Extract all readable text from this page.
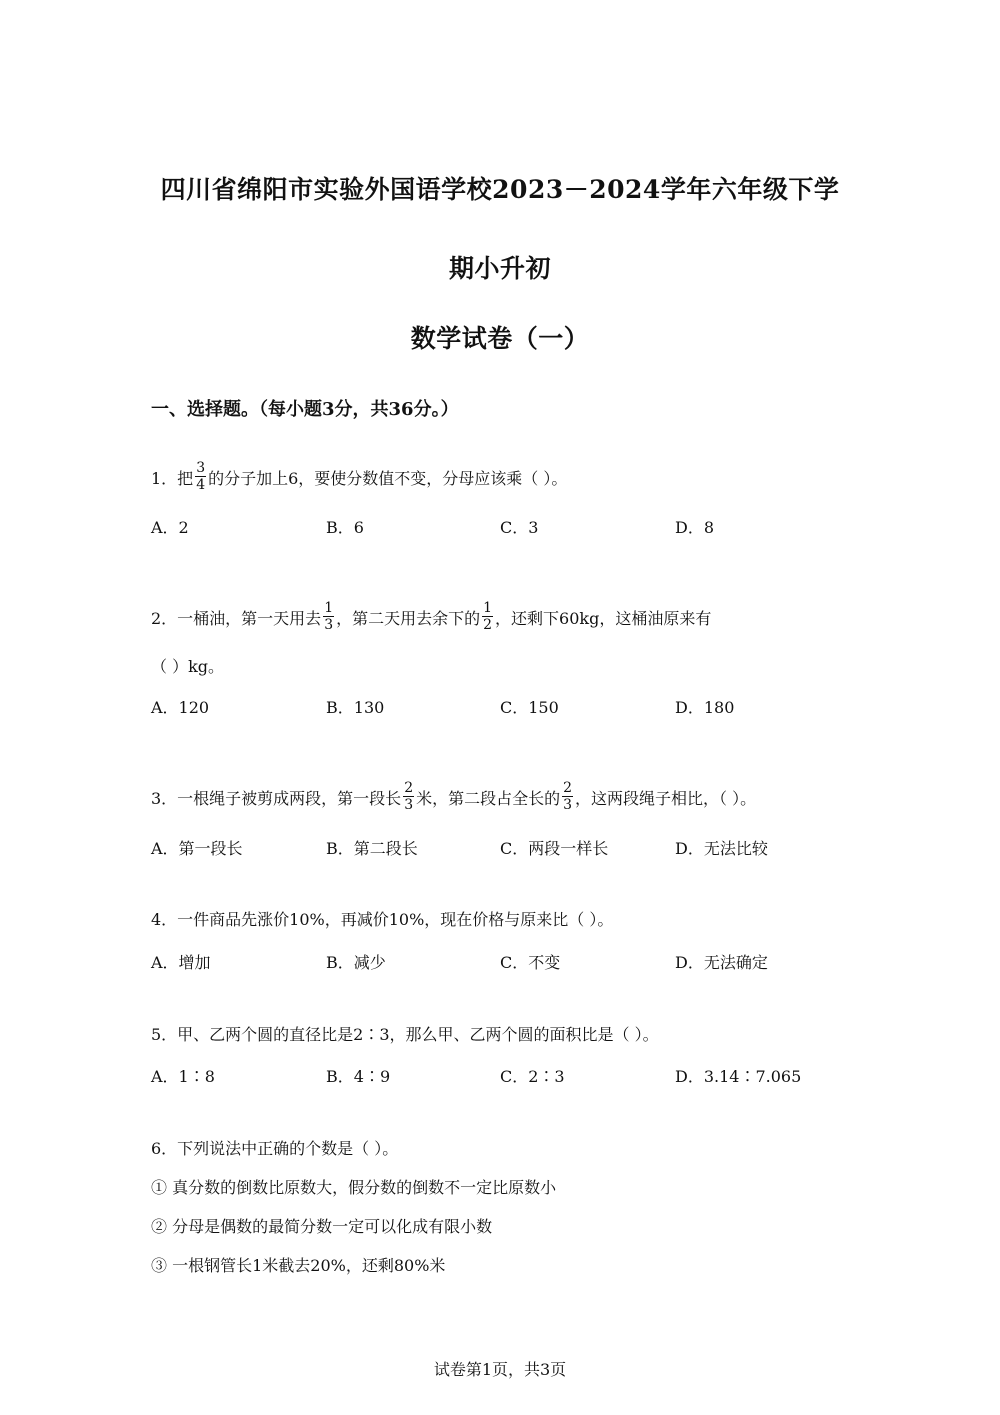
四川省绵阳市实验外国语学校2023－2024学年六年级下学
期小升初
数学试卷（一）
一、选择题。（每小题3分，共36分。）
1．把 $\frac{3}{4}$ 的分子加上6，要使分数值不变，分母应该乘（ ）。
A．2	B．6	C．3	D．8
2．一桶油，第一天用去 $\frac{1}{3}$ ，第二天用去余下的 $\frac{1}{2}$ ，还剩下60kg，这桶油原来有
（ ）kg。
A．120	B．130	C．150	D．180
3．一根绳子被剪成两段，第一段长 $\frac{2}{3}$ 米，第二段占全长的 $\frac{2}{3}$ ，这两段绳子相比，（ ）。
A．第一段长	B．第二段长	C．两段一样长	D．无法比较
4．一件商品先涨价10%，再减价10%，现在价格与原来比（ ）。
A．增加	B．减少	C．不变	D．无法确定
5．甲、乙两个圆的直径比是2∶3，那么甲、乙两个圆的面积比是（ ）。
A．1∶8	B．4∶9	C．2∶3	D．3.14∶7.065
6．下列说法中正确的个数是（ ）。
① 真分数的倒数比原数大，假分数的倒数不一定比原数小
② 分母是偶数的最简分数一定可以化成有限小数
③ 一根钢管长1米截去20%，还剩80%米
试卷第1页，共3页
